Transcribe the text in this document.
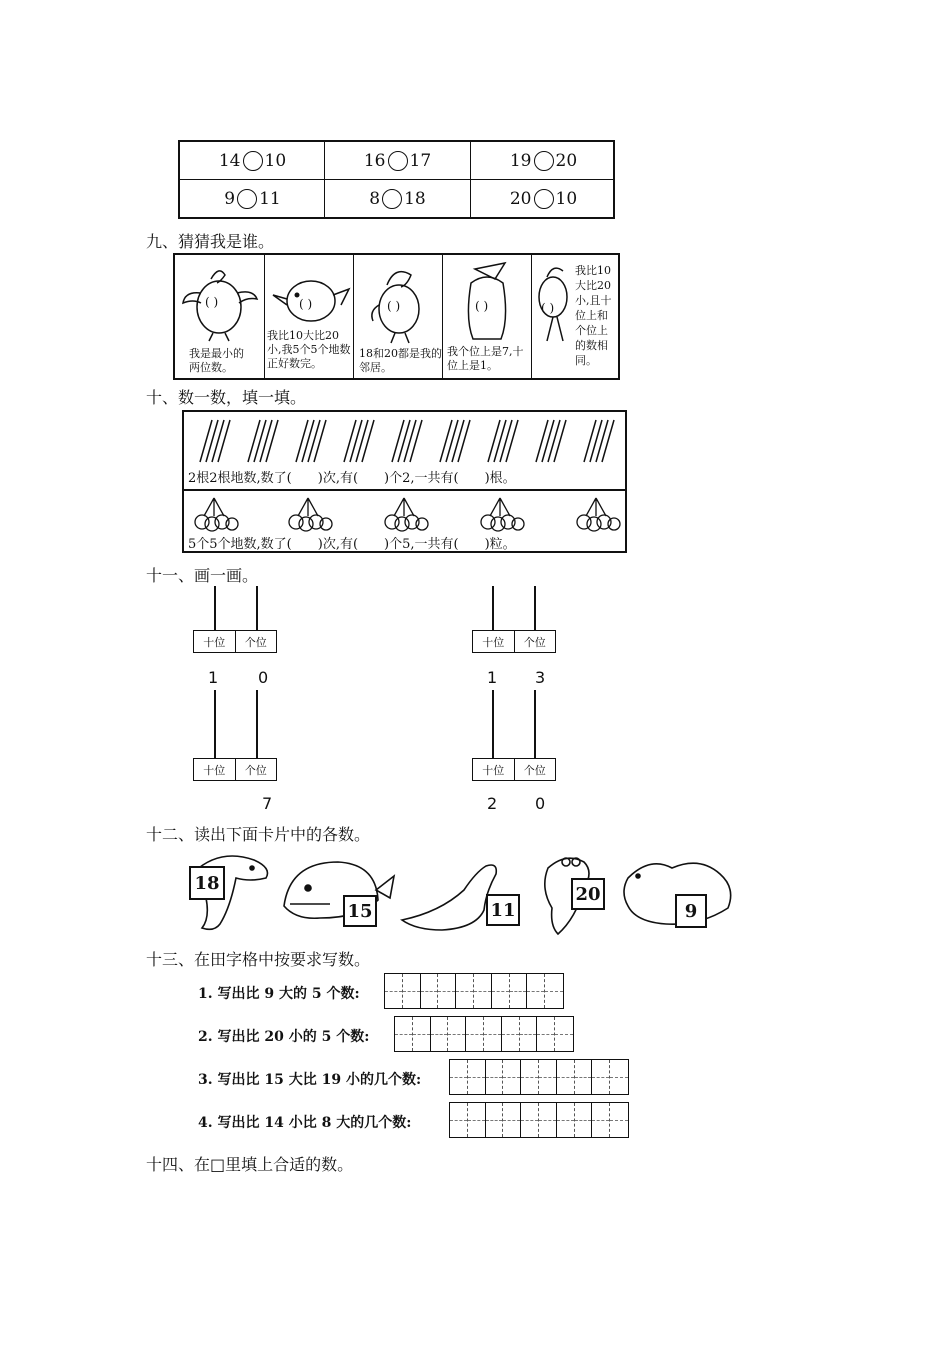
14 10	16 17	19 20
9 11	8 18	20 10
九、猜猜我是谁。
( )
我是最小的两位数。
( )
我比10大比20小,我5个5个地数正好数完。
( )
18和20都是我的邻居。
( )
我个位上是7,十位上是1。
( )
我比10大比20小,且十位上和个位上的数相同。
十、数一数，填一填。
2根2根地数,数了(　　)次,有(　　)个2,一共有(　　)根。
5个5个地数,数了(　　)次,有(　　)个5,一共有(　　)粒。
十一、画一画。
十位	个位
1 0
十位	个位
1 3
十位	个位
7
十位	个位
2 0
十二、读出下面卡片中的各数。
18
15	11
20
9
十三、在田字格中按要求写数。
1. 写出比 9 大的 5 个数:
2. 写出比 20 小的 5 个数:
3. 写出比 15 大比 19 小的几个数:
4. 写出比 14 小比 8 大的几个数:
十四、在□里填上合适的数。
